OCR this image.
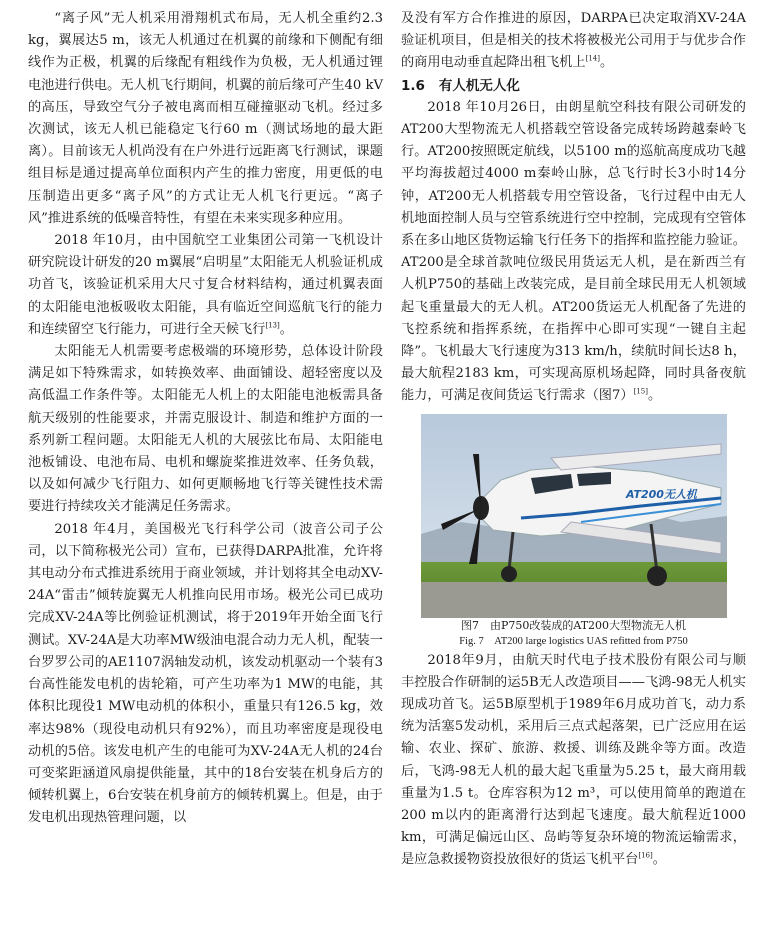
“离子风”无人机采用滑翔机式布局，无人机全重约2.3 kg，翼展达5 m，该无人机通过在机翼的前缘和下侧配有细线作为正极，机翼的后缘配有粗线作为负极，无人机通过锂电池进行供电。无人机飞行期间，机翼的前后缘可产生40 kV的高压，导致空气分子被电离而相互碰撞驱动飞机。经过多次测试，该无人机已能稳定飞行60 m（测试场地的最大距离）。目前该无人机尚没有在户外进行远距离飞行测试，课题组目标是通过提高单位面积内产生的推力密度，用更低的电压制造出更多“离子风”的方式让无人机飞行更远。“离子风”推进系统的低噪音特性，有望在未来实现多种应用。

2018 年10月，由中国航空工业集团公司第一飞机设计研究院设计研发的20 m翼展“启明星”太阳能无人机验证机成功首飞，该验证机采用大尺寸复合材料结构，通过机翼表面的太阳能电池板吸收太阳能，具有临近空间巡航飞行的能力和连续留空飞行能力，可进行全天候飞行[13]。

太阳能无人机需要考虑极端的环境形势，总体设计阶段满足如下特殊需求，如转换效率、曲面铺设、超轻密度以及高低温工作条件等。太阳能无人机上的太阳能电池板需具备航天级别的性能要求，并需克服设计、制造和维护方面的一系列新工程问题。太阳能无人机的大展弦比布局、太阳能电池板铺设、电池布局、电机和螺旋桨推进效率、任务负载，以及如何减少飞行阻力、如何更顺畅地飞行等关键性技术需要进行持续攻关才能满足任务需求。

2018 年4月，美国极光飞行科学公司（波音公司子公司，以下简称极光公司）宣布，已获得DARPA批准，允许将其电动分布式推进系统用于商业领域，并计划将其全电动XV-24A“雷击”倾转旋翼无人机推向民用市场。极光公司已成功完成XV-24A等比例验证机测试，将于2019年开始全面飞行测试。XV-24A是大功率MW级油电混合动力无人机，配装一台罗罗公司的AE1107涡轴发动机，该发动机驱动一个装有3台高性能发电机的齿轮箱，可产生功率为1 MW的电能，其体积比现役1 MW电动机的体积小，重量只有126.5 kg，效率达98%（现役电动机只有92%），而且功率密度是现役电动机的5倍。该发电机产生的电能可为XV-24A无人机的24台可变桨距涵道风扇提供能量，其中的18台安装在机身后方的倾转机翼上，6台安装在机身前方的倾转机翼上。但是，由于发电机出现热管理问题，以

及没有军方合作推进的原因，DARPA已决定取消XV-24A验证机项目，但是相关的技术将被极光公司用于与优步合作的商用电动垂直起降出租飞机上[14]。

1.6 有人机无人化

2018 年10月26日，由朗星航空科技有限公司研发的AT200大型物流无人机搭载空管设备完成转场跨越秦岭飞行。AT200按照既定航线，以5100 m的巡航高度成功飞越平均海拔超过4000 m秦岭山脉，总飞行时长3小时14分钟，AT200无人机搭载专用空管设备，飞行过程中由无人机地面控制人员与空管系统进行空中控制，完成现有空管体系在多山地区货物运输飞行任务下的指挥和监控能力验证。AT200是全球首款吨位级民用货运无人机，是在新西兰有人机P750的基础上改装完成，是目前全球民用无人机领域起飞重量最大的无人机。AT200货运无人机配备了先进的飞控系统和指挥系统，在指挥中心即可实现“一键自主起降”。飞机最大飞行速度为313 km/h，续航时间长达8 h，最大航程2183 km，可实现高原机场起降，同时具备夜航能力，可满足夜间货运飞行需求（图7）[15]。

AT200无人机

图7　由P750改装成的AT200大型物流无人机

Fig. 7　AT200 large logistics UAS refitted from P750

2018年9月，由航天时代电子技术股份有限公司与顺丰控股合作研制的运5B无人改造项目——飞鸿-98无人机实现成功首飞。运5B原型机于1989年6月成功首飞，动力系统为活塞5发动机，采用后三点式起落架，已广泛应用在运输、农业、探矿、旅游、救援、训练及跳伞等方面。改造后，飞鸿-98无人机的最大起飞重量为5.25 t，最大商用载重量为1.5 t。仓库容积为12 m³，可以使用简单的跑道在200 m以内的距离滑行达到起飞速度。最大航程近1000 km，可满足偏远山区、岛屿等复杂环境的物流运输需求，是应急救援物资投放很好的货运飞机平台[16]。
